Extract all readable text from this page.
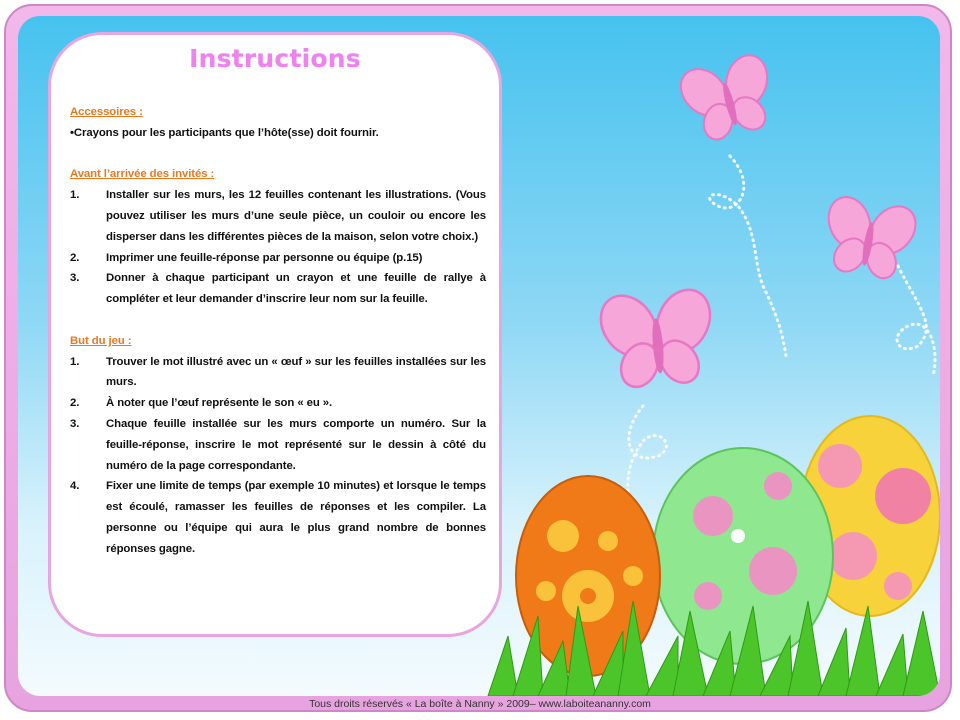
Instructions
Accessoires :
•Crayons pour les participants que l’hôte(sse) doit fournir.
Avant l’arrivée des invités :
1.	Installer sur les murs, les 12 feuilles contenant les illustrations. (Vous pouvez utiliser les murs d’une seule pièce, un couloir ou encore les disperser dans les différentes pièces de la maison, selon votre choix.)
2.	Imprimer une feuille-réponse par personne ou équipe (p.15)
3.	Donner à chaque participant un crayon et une feuille de rallye à compléter et leur demander d’inscrire leur nom sur la feuille.
But du jeu :
1.	Trouver le mot illustré avec un « œuf » sur les feuilles installées sur les murs.
2.	À noter que l’œuf représente le son « eu ».
3.	Chaque feuille installée sur les murs comporte un numéro. Sur la feuille-réponse, inscrire le mot représenté sur le dessin à côté du numéro de la page correspondante.
4.	Fixer une limite de temps (par exemple 10 minutes) et lorsque le temps est écoulé, ramasser les feuilles de réponses et les compiler. La personne ou l’équipe qui aura le plus grand nombre de bonnes réponses gagne.
Tous droits réservés « La boîte à Nanny » 2009– www.laboiteananny.com
